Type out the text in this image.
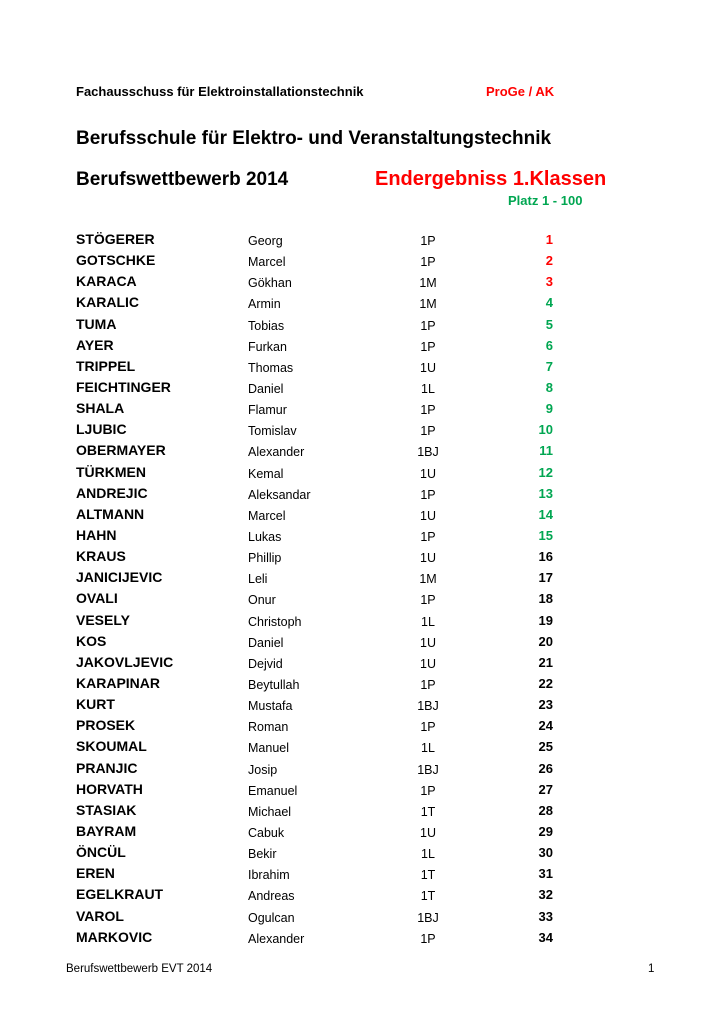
Fachausschuss für Elektroinstallationstechnik	ProGe / AK
Berufsschule für Elektro- und Veranstaltungstechnik
Berufswettbewerb 2014	Endergebniss 1.Klassen
Platz 1 - 100
STÖGERER	Georg	1P	1
GOTSCHKE	Marcel	1P	2
KARACA	Gökhan	1M	3
KARALIC	Armin	1M	4
TUMA	Tobias	1P	5
AYER	Furkan	1P	6
TRIPPEL	Thomas	1U	7
FEICHTINGER	Daniel	1L	8
SHALA	Flamur	1P	9
LJUBIC	Tomislav	1P	10
OBERMAYER	Alexander	1BJ	11
TÜRKMEN	Kemal	1U	12
ANDREJIC	Aleksandar	1P	13
ALTMANN	Marcel	1U	14
HAHN	Lukas	1P	15
KRAUS	Phillip	1U	16
JANICIJEVIC	Leli	1M	17
OVALI	Onur	1P	18
VESELY	Christoph	1L	19
KOS	Daniel	1U	20
JAKOVLJEVIC	Dejvid	1U	21
KARAPINAR	Beytullah	1P	22
KURT	Mustafa	1BJ	23
PROSEK	Roman	1P	24
SKOUMAL	Manuel	1L	25
PRANJIC	Josip	1BJ	26
HORVATH	Emanuel	1P	27
STASIAK	Michael	1T	28
BAYRAM	Cabuk	1U	29
ÖNCÜL	Bekir	1L	30
EREN	Ibrahim	1T	31
EGELKRAUT	Andreas	1T	32
VAROL	Ogulcan	1BJ	33
MARKOVIC	Alexander	1P	34
Berufswettbewerb EVT 2014	1
